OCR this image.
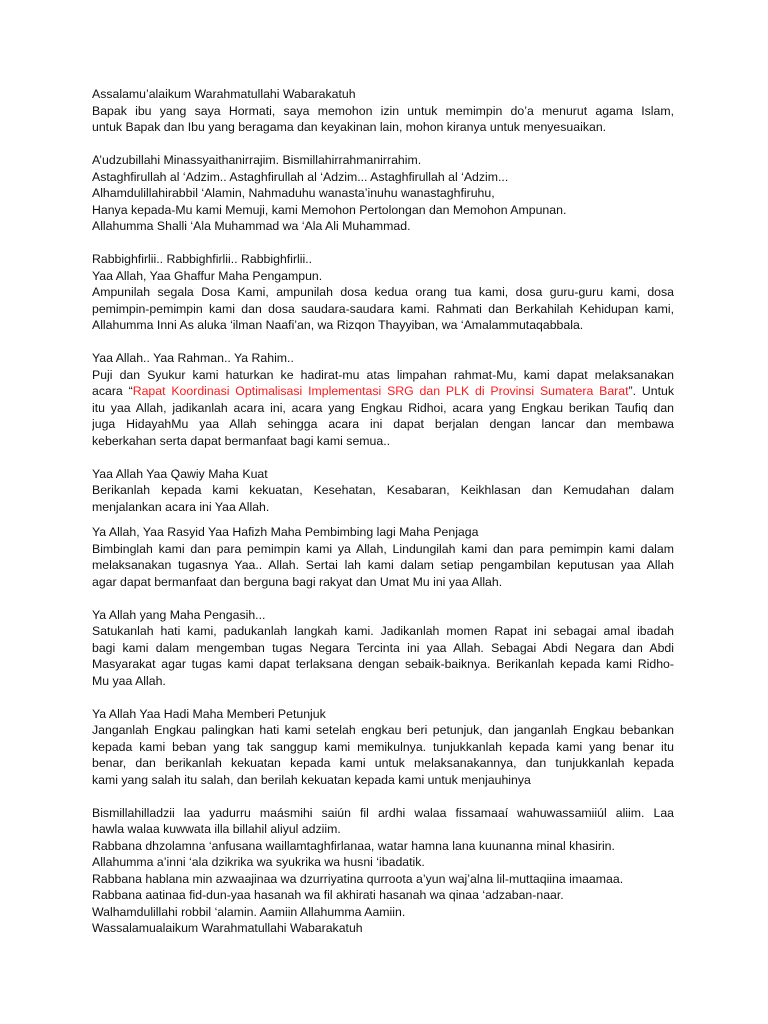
Assalamu’alaikum Warahmatullahi Wabarakatuh
Bapak ibu yang saya Hormati, saya memohon izin untuk memimpin do’a menurut agama Islam,
untuk Bapak dan Ibu yang beragama dan keyakinan lain, mohon kiranya untuk menyesuaikan.
A’udzubillahi Minassyaithanirrajim. Bismillahirrahmanirrahim.
Astaghfirullah al ‘Adzim.. Astaghfirullah al ‘Adzim... Astaghfirullah al ‘Adzim...
Alhamdulillahirabbil ‘Alamin, Nahmaduhu wanasta’inuhu wanastaghfiruhu,
Hanya kepada-Mu kami Memuji, kami Memohon Pertolongan dan Memohon Ampunan.
Allahumma Shalli ‘Ala Muhammad wa ‘Ala Ali Muhammad.
Rabbighfirlii.. Rabbighfirlii.. Rabbighfirlii..
Yaa Allah, Yaa Ghaffur Maha Pengampun.
Ampunilah segala Dosa Kami, ampunilah dosa kedua orang tua kami, dosa guru-guru kami, dosa
pemimpin-pemimpin kami dan dosa saudara-saudara kami. Rahmati dan Berkahilah Kehidupan kami,
Allahumma Inni As aluka ‘ilman Naafi’an, wa Rizqon Thayyiban, wa ‘Amalammutaqabbala.
Yaa Allah.. Yaa Rahman.. Ya Rahim..
Puji dan Syukur kami haturkan ke hadirat-mu atas limpahan rahmat-Mu, kami dapat melaksanakan
acara “Rapat Koordinasi Optimalisasi Implementasi SRG dan PLK di Provinsi Sumatera Barat”. Untuk
itu yaa Allah, jadikanlah acara ini, acara yang Engkau Ridhoi, acara yang Engkau berikan Taufiq dan
juga HidayahMu yaa Allah sehingga acara ini dapat berjalan dengan lancar dan membawa
keberkahan serta dapat bermanfaat bagi kami semua..
Yaa Allah Yaa Qawiy Maha Kuat
Berikanlah kepada kami kekuatan, Kesehatan, Kesabaran, Keikhlasan dan Kemudahan dalam
menjalankan acara ini Yaa Allah.
Ya Allah, Yaa Rasyid Yaa Hafizh Maha Pembimbing lagi Maha Penjaga
Bimbinglah kami dan para pemimpin kami ya Allah, Lindungilah kami dan para pemimpin kami dalam
melaksanakan tugasnya Yaa.. Allah. Sertai lah kami dalam setiap pengambilan keputusan yaa Allah
agar dapat bermanfaat dan berguna bagi rakyat dan Umat Mu ini yaa Allah.
Ya Allah yang Maha Pengasih...
Satukanlah hati kami, padukanlah langkah kami. Jadikanlah momen Rapat ini sebagai amal ibadah
bagi kami dalam mengemban tugas Negara Tercinta ini yaa Allah. Sebagai Abdi Negara dan Abdi
Masyarakat agar tugas kami dapat terlaksana dengan sebaik-baiknya. Berikanlah kepada kami Ridho-
Mu yaa Allah.
Ya Allah Yaa Hadi Maha Memberi Petunjuk
Janganlah Engkau palingkan hati kami setelah engkau beri petunjuk, dan janganlah Engkau bebankan
kepada kami beban yang tak sanggup kami memikulnya. tunjukkanlah kepada kami yang benar itu
benar, dan berikanlah kekuatan kepada kami untuk melaksanakannya, dan tunjukkanlah kepada
kami yang salah itu salah, dan berilah kekuatan kepada kami untuk menjauhinya
Bismillahilladzii laa yadurru maásmihi saiún fil ardhi walaa fissamaaí wahuwassamiiúl aliim. Laa
hawla walaa kuwwata illa billahil aliyul adziim.
Rabbana dhzolamna ‘anfusana waillamtaghfirlanaa, watar hamna lana kuunanna minal khasirin.
Allahumma a’inni ‘ala dzikrika wa syukrika wa husni ‘ibadatik.
Rabbana hablana min azwaajinaa wa dzurriyatina qurroota a’yun waj’alna lil-muttaqiina imaamaa.
Rabbana aatinaa fid-dun-yaa hasanah wa fil akhirati hasanah wa qinaa ‘adzaban-naar.
Walhamdulillahi robbil ‘alamin. Aamiin Allahumma Aamiin.
Wassalamualaikum Warahmatullahi Wabarakatuh
